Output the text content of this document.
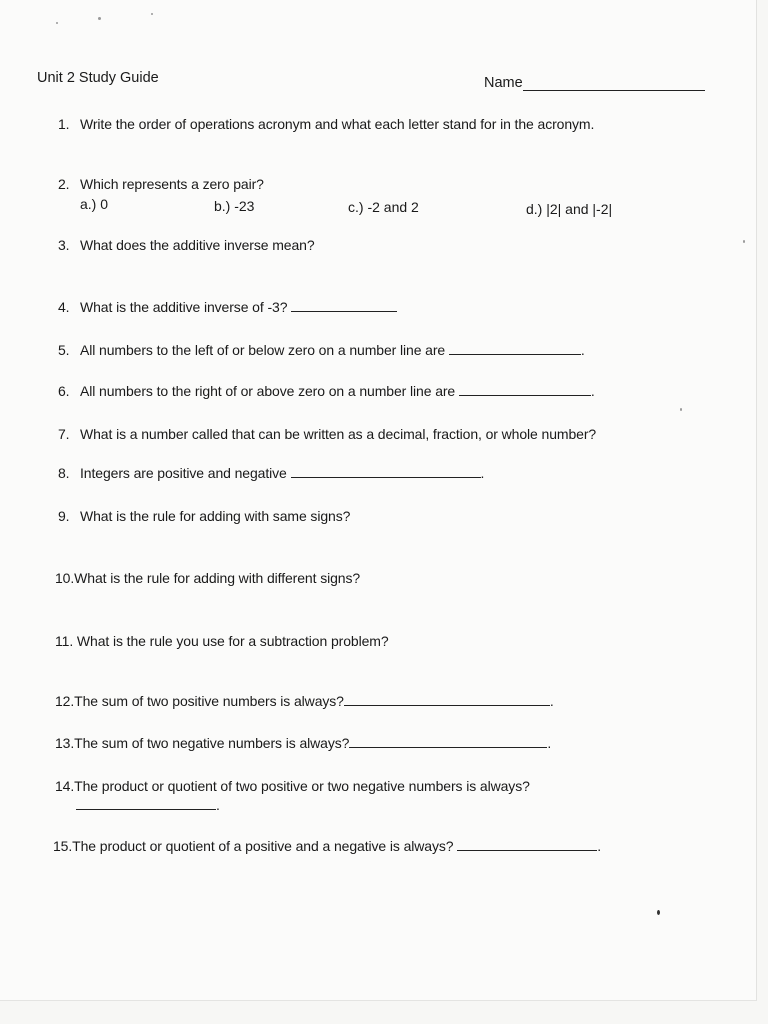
Unit 2 Study Guide	Name
1. Write the order of operations acronym and what each letter stand for in the acronym.
2. Which represents a zero pair?
a.) 0	b.) -23	c.) -2 and 2	d.) |2| and |-2|
3. What does the additive inverse mean?
4. What is the additive inverse of -3?
5. All numbers to the left of or below zero on a number line are	.
6. All numbers to the right of or above zero on a number line are	.
7. What is a number called that can be written as a decimal, fraction, or whole number?
8. Integers are positive and negative	.
9. What is the rule for adding with same signs?
10.What is the rule for adding with different signs?
11. What is the rule you use for a subtraction problem?
12.The sum of two positive numbers is always?	.
13.The sum of two negative numbers is always?	.
14.The product or quotient of two positive or two negative numbers is always?
.
15.The product or quotient of a positive and a negative is always?	.
